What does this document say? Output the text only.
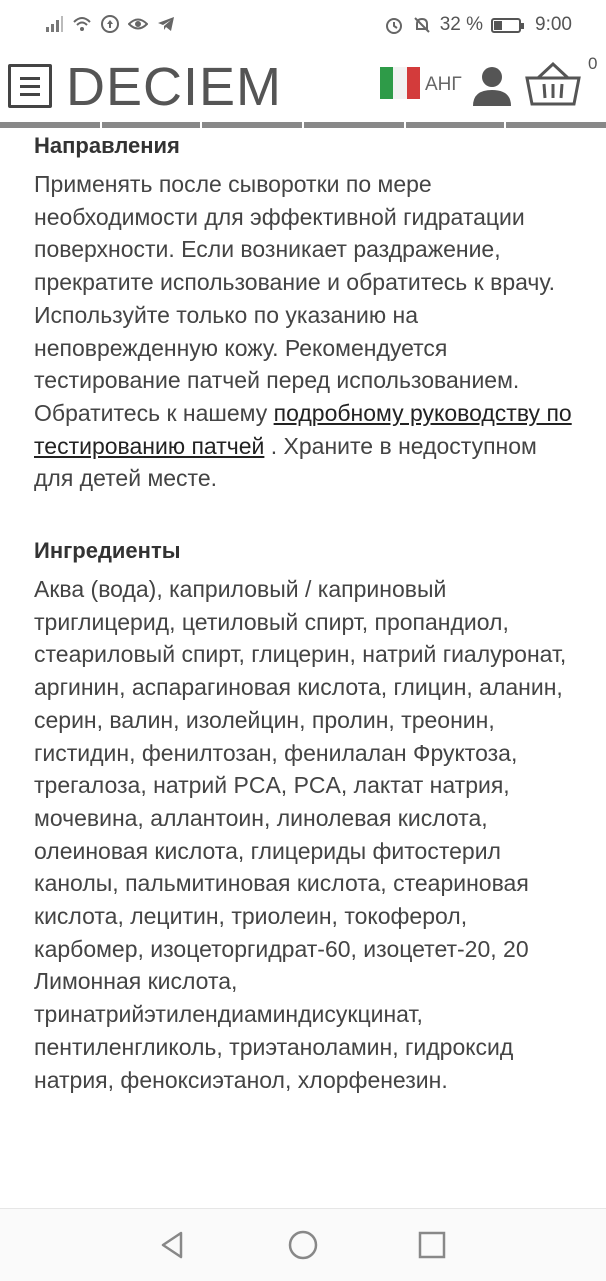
32 %	9:00
DECIEM	АНГ
0
Направления

Применять после сыворотки по мере необходимости для эффективной гидратации поверхности. Если возникает раздражение, прекратите использование и обратитесь к врачу. Используйте только по указанию на неповрежденную кожу. Рекомендуется тестирование патчей перед использованием. Обратитесь к нашему подробному руководству по тестированию патчей . Храните в недоступном для детей месте.

Ингредиенты

Аква (вода), каприловый / каприновый триглицерид, цетиловый спирт, пропандиол, стеариловый спирт, глицерин, натрий гиалуронат, аргинин, аспарагиновая кислота, глицин, аланин, серин, валин, изолейцин, пролин, треонин, гистидин, фенилтозан, фенилалан Фруктоза, трегалоза, натрий PCA, PCA, лактат натрия, мочевина, аллантоин, линолевая кислота, олеиновая кислота, глицериды фитостерил канолы, пальмитиновая кислота, стеариновая кислота, лецитин, триолеин, токоферол, карбомер, изоцеторгидрат-60, изоцетет-20, 20 Лимонная кислота, тринатрийэтилендиаминдисукцинат, пентиленгликоль, триэтаноламин, гидроксид натрия, феноксиэтанол, хлорфенезин.
